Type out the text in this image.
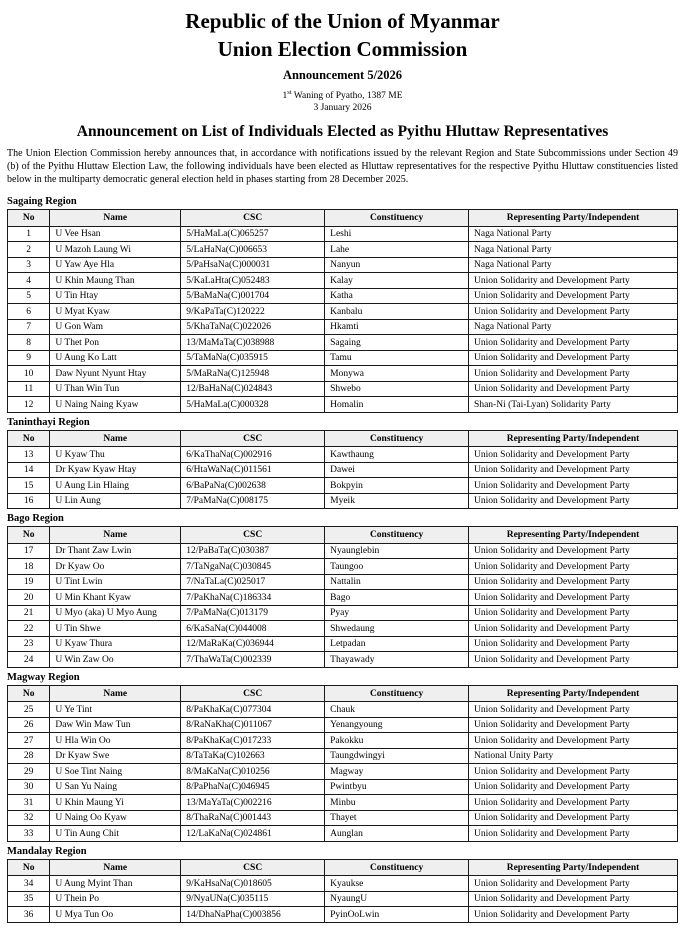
Republic of the Union of Myanmar
Union Election Commission
Announcement 5/2026
1st Waning of Pyatho, 1387 ME
3 January 2026
Announcement on List of Individuals Elected as Pyithu Hluttaw Representatives

The Union Election Commission hereby announces that, in accordance with notifications issued by the relevant Region and State Subcommissions under Section 49 (b) of the Pyithu Hluttaw Election Law, the following individuals have been elected as Hluttaw representatives for the respective Pyithu Hluttaw constituencies listed below in the multiparty democratic general election held in phases starting from 28 December 2025.

Sagaing Region
No	Name	CSC	Constituency	Representing Party/Independent
1	U Vee Hsan	5/HaMaLa(C)065257	Leshi	Naga National Party
2	U Mazoh Laung Wi	5/LaHaNa(C)006653	Lahe	Naga National Party
3	U Yaw Aye Hla	5/PaHsaNa(C)000031	Nanyun	Naga National Party
4	U Khin Maung Than	5/KaLaHta(C)052483	Kalay	Union Solidarity and Development Party
5	U Tin Htay	5/BaMaNa(C)001704	Katha	Union Solidarity and Development Party
6	U Myat Kyaw	9/KaPaTa(C)120222	Kanbalu	Union Solidarity and Development Party
7	U Gon Wam	5/KhaTaNa(C)022026	Hkamti	Naga National Party
8	U Thet Pon	13/MaMaTa(C)038988	Sagaing	Union Solidarity and Development Party
9	U Aung Ko Latt	5/TaMaNa(C)035915	Tamu	Union Solidarity and Development Party
10	Daw Nyunt Nyunt Htay	5/MaRaNa(C)125948	Monywa	Union Solidarity and Development Party
11	U Than Win Tun	12/BaHaNa(C)024843	Shwebo	Union Solidarity and Development Party
12	U Naing Naing Kyaw	5/HaMaLa(C)000328	Homalin	Shan-Ni (Tai-Lyan) Solidarity Party
Taninthayi Region
No	Name	CSC	Constituency	Representing Party/Independent
13	U Kyaw Thu	6/KaThaNa(C)002916	Kawthaung	Union Solidarity and Development Party
14	Dr Kyaw Kyaw Htay	6/HtaWaNa(C)011561	Dawei	Union Solidarity and Development Party
15	U Aung Lin Hlaing	6/BaPaNa(C)002638	Bokpyin	Union Solidarity and Development Party
16	U Lin Aung	7/PaMaNa(C)008175	Myeik	Union Solidarity and Development Party
Bago Region
No	Name	CSC	Constituency	Representing Party/Independent
17	Dr Thant Zaw Lwin	12/PaBaTa(C)030387	Nyaunglebin	Union Solidarity and Development Party
18	Dr Kyaw Oo	7/TaNgaNa(C)030845	Taungoo	Union Solidarity and Development Party
19	U Tint Lwin	7/NaTaLa(C)025017	Nattalin	Union Solidarity and Development Party
20	U Min Khant Kyaw	7/PaKhaNa(C)186334	Bago	Union Solidarity and Development Party
21	U Myo (aka) U Myo Aung	7/PaMaNa(C)013179	Pyay	Union Solidarity and Development Party
22	U Tin Shwe	6/KaSaNa(C)044008	Shwedaung	Union Solidarity and Development Party
23	U Kyaw Thura	12/MaRaKa(C)036944	Letpadan	Union Solidarity and Development Party
24	U Win Zaw Oo	7/ThaWaTa(C)002339	Thayawady	Union Solidarity and Development Party
Magway Region
No	Name	CSC	Constituency	Representing Party/Independent
25	U Ye Tint	8/PaKhaKa(C)077304	Chauk	Union Solidarity and Development Party
26	Daw Win Maw Tun	8/RaNaKha(C)011067	Yenangyoung	Union Solidarity and Development Party
27	U Hla Win Oo	8/PaKhaKa(C)017233	Pakokku	Union Solidarity and Development Party
28	Dr Kyaw Swe	8/TaTaKa(C)102663	Taungdwingyi	National Unity Party
29	U Soe Tint Naing	8/MaKaNa(C)010256	Magway	Union Solidarity and Development Party
30	U San Yu Naing	8/PaPhaNa(C)046945	Pwintbyu	Union Solidarity and Development Party
31	U Khin Maung Yi	13/MaYaTa(C)002216	Minbu	Union Solidarity and Development Party
32	U Naing Oo Kyaw	8/ThaRaNa(C)001443	Thayet	Union Solidarity and Development Party
33	U Tin Aung Chit	12/LaKaNa(C)024861	Aunglan	Union Solidarity and Development Party
Mandalay Region
No	Name	CSC	Constituency	Representing Party/Independent
34	U Aung Myint Than	9/KaHsaNa(C)018605	Kyaukse	Union Solidarity and Development Party
35	U Thein Po	9/NyaUNa(C)035115	NyaungU	Union Solidarity and Development Party
36	U Mya Tun Oo	14/DhaNaPha(C)003856	PyinOoLwin	Union Solidarity and Development Party
